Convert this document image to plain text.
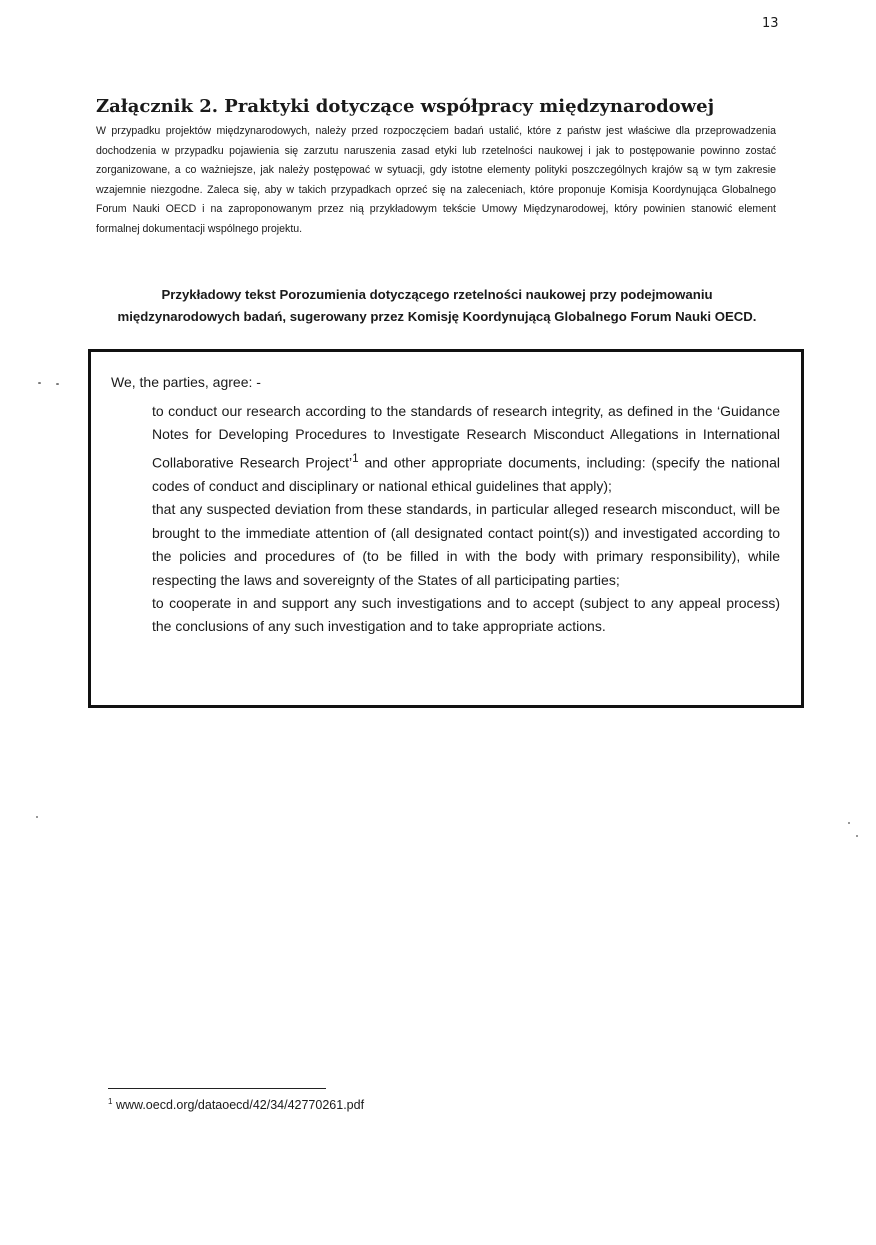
13
Załącznik 2. Praktyki dotyczące współpracy międzynarodowej

W przypadku projektów międzynarodowych, należy przed rozpoczęciem badań ustalić, które z państw jest właściwe dla przeprowadzenia dochodzenia w przypadku pojawienia się zarzutu naruszenia zasad etyki lub rzetelności naukowej i jak to postępowanie powinno zostać zorganizowane, a co ważniejsze, jak należy postępować w sytuacji, gdy istotne elementy polityki poszczególnych krajów są w tym zakresie wzajemnie niezgodne. Zaleca się, aby w takich przypadkach oprzeć się na zaleceniach, które proponuje Komisja Koordynująca Globalnego Forum Nauki OECD i na zaproponowanym przez nią przykładowym tekście Umowy Międzynarodowej, który powinien stanowić element formalnej dokumentacji wspólnego projektu.

Przykładowy tekst Porozumienia dotyczącego rzetelności naukowej przy podejmowaniu międzynarodowych badań, sugerowany przez Komisję Koordynującą Globalnego Forum Nauki OECD.

We, the parties, agree: -

to conduct our research according to the standards of research integrity, as defined in the ‘Guidance Notes for Developing Procedures to Investigate Research Misconduct Allegations in International Collaborative Research Project’$^1$ and other appropriate documents, including: (specify the national codes of conduct and disciplinary or national ethical guidelines that apply);

that any suspected deviation from these standards, in particular alleged research misconduct, will be brought to the immediate attention of (all designated contact point(s)) and investigated according to the policies and procedures of (to be filled in with the body with primary responsibility), while respecting the laws and sovereignty of the States of all participating parties;

to cooperate in and support any such investigations and to accept (subject to any appeal process) the conclusions of any such investigation and to take appropriate actions.

$^1$ www.oecd.org/dataoecd/42/34/42770261.pdf
